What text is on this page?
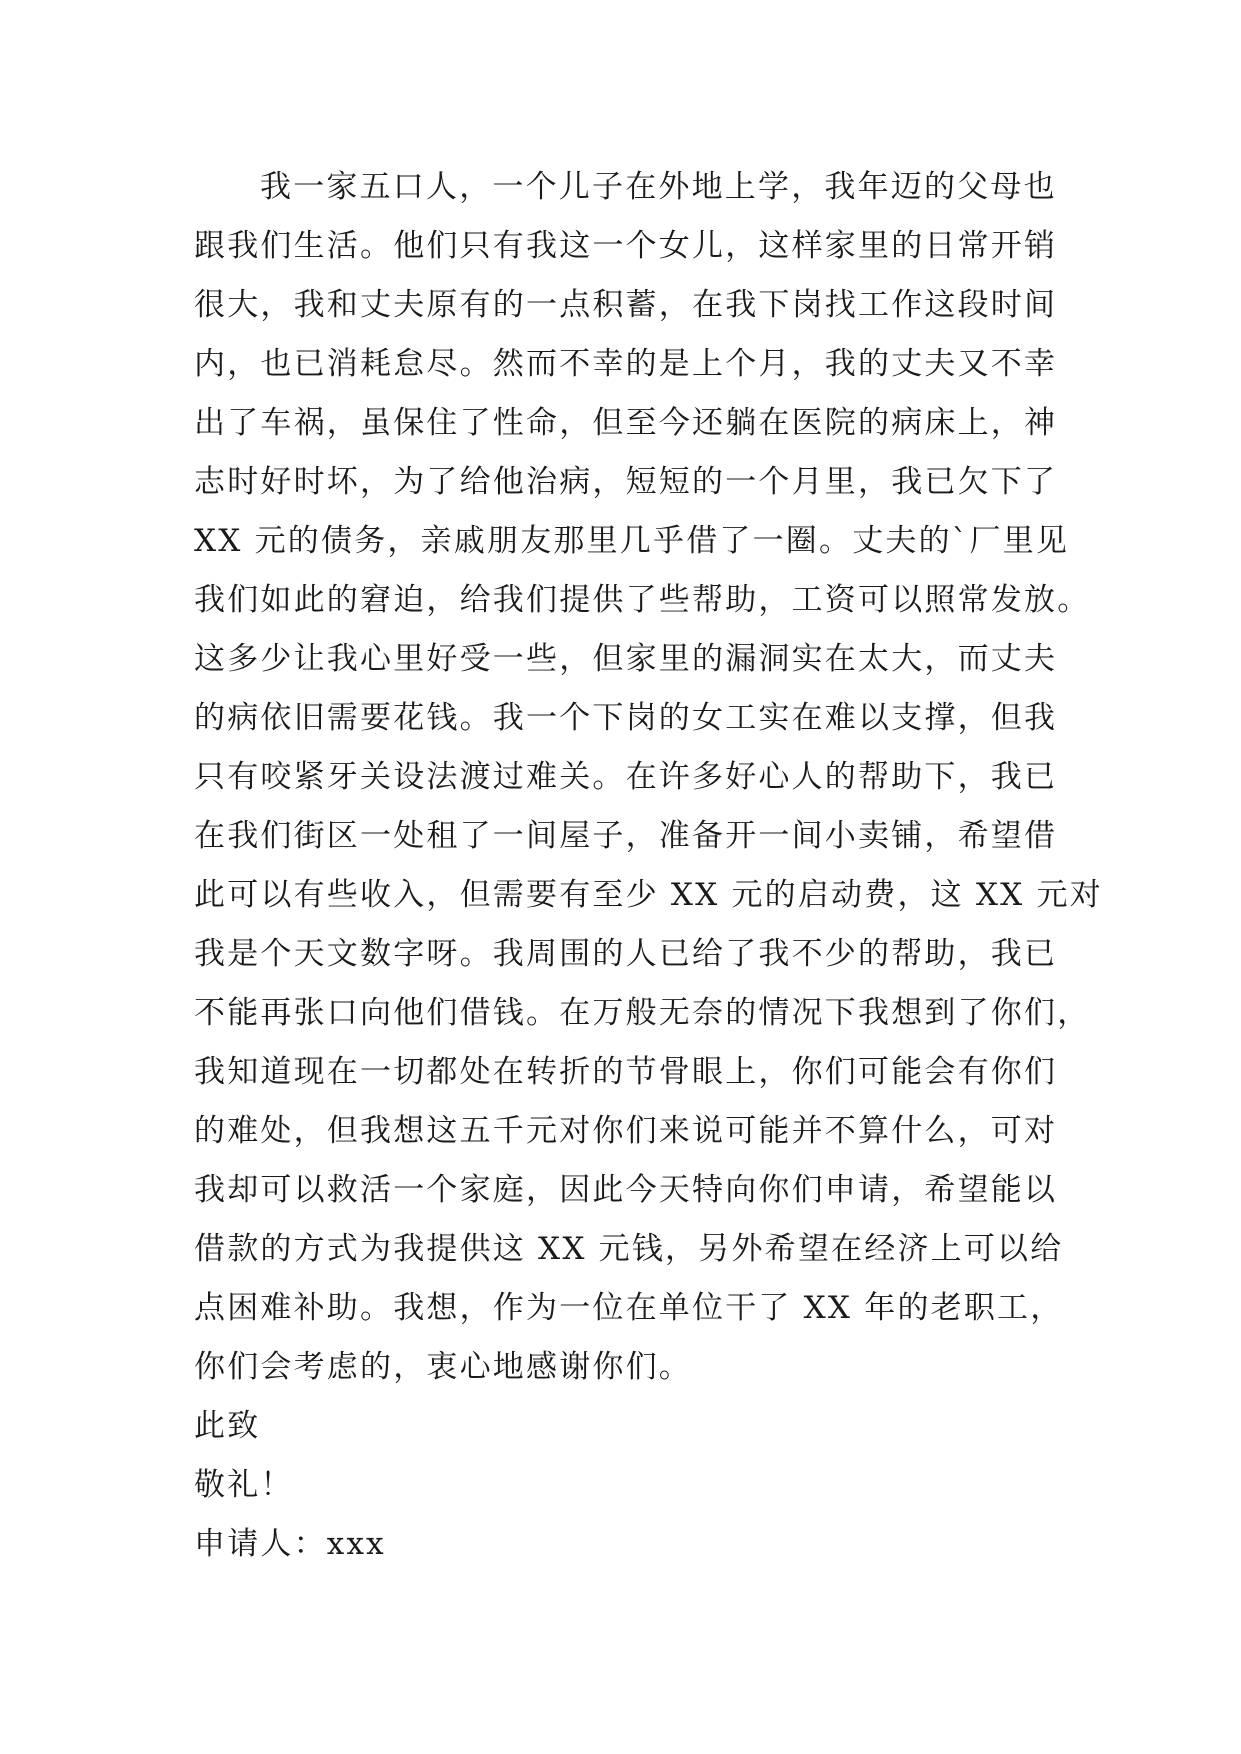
我一家五口人，一个儿子在外地上学，我年迈的父母也
跟我们生活。他们只有我这一个女儿，这样家里的日常开销
很大，我和丈夫原有的一点积蓄，在我下岗找工作这段时间
内，也已消耗怠尽。然而不幸的是上个月，我的丈夫又不幸
出了车祸，虽保住了性命，但至今还躺在医院的病床上，神
志时好时坏，为了给他治病，短短的一个月里，我已欠下了
XX 元的债务，亲戚朋友那里几乎借了一圈。丈夫的`厂里见
我们如此的窘迫，给我们提供了些帮助，工资可以照常发放。
这多少让我心里好受一些，但家里的漏洞实在太大，而丈夫
的病依旧需要花钱。我一个下岗的女工实在难以支撑，但我
只有咬紧牙关设法渡过难关。在许多好心人的帮助下，我已
在我们街区一处租了一间屋子，准备开一间小卖铺，希望借
此可以有些收入，但需要有至少 XX 元的启动费，这 XX 元对
我是个天文数字呀。我周围的人已给了我不少的帮助，我已
不能再张口向他们借钱。在万般无奈的情况下我想到了你们，
我知道现在一切都处在转折的节骨眼上，你们可能会有你们
的难处，但我想这五千元对你们来说可能并不算什么，可对
我却可以救活一个家庭，因此今天特向你们申请，希望能以
借款的方式为我提供这 XX 元钱，另外希望在经济上可以给
点困难补助。我想，作为一位在单位干了 XX 年的老职工，
你们会考虑的，衷心地感谢你们。
此致
敬礼！
申请人：xxx
